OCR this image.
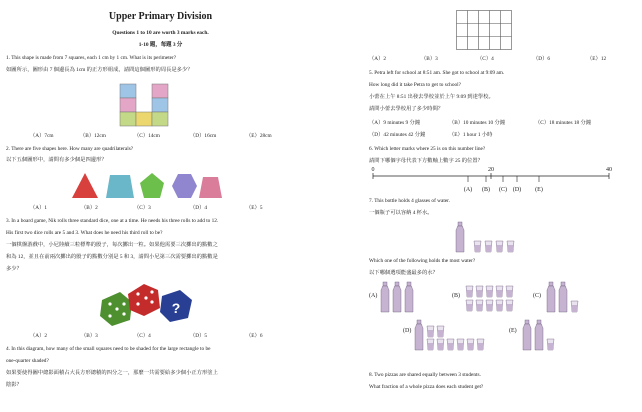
Upper Primary Division
Questions 1 to 10 are worth 3 marks each.
1-10 題，每題 3 分
1. This shape is made from 7 squares, each 1 cm by 1 cm. What is its perimeter?
如圖所示，圖形由 7 個邊長為 1cm 的正方形組成，請問這個圖形的周長是多少？
（A）7cm	（B）12cm	（C）14cm	（D）16cm	（E）28cm
2. There are five shapes here. How many are quadrilaterals?
以下五個圖形中，請問有多少個是四邊形？
（A）1	（B）2	（C）3	（D）4	（E）5
3. In a board game, Nik rolls three standard dice, one at a time. He needs his three rolls to add to 12.
His first two dice rolls are 5 and 3. What does he need his third roll to be?
一個棋盤游戲中，小尼陸續三粒標準的骰子，每次擲出一粒。如果他需要三次擲出的點數之
和為 12，並且在前兩次擲出的骰子的點數分別是 5 和 3，請問小尼第三次需要擲出的點數是
多少？
?
（A）2	（B）3	（C）4	（D）5	（E）6
4. In this diagram, how many of the small squares need to be shaded for the large rectangle to be
one-quarter shaded?
如果要使得圖中總影面積占大長方形總積的四分之一，那麼一共需要給多少個小正方形塗上
陰影？
（A）2	（B）3	（C）4	（D）6	（E）12
5. Petra left for school at 8:51 am. She got to school at 9:09 am.
How long did it take Petra to get to school?
小蕾在上午 8:51 出發去學校並於上午 9:09 到達學校。
請問小蕾去學校用了多少時間？
（A）9 minutes 9 分鐘	（B）10 minutes 10 分鐘	（C）18 minutes 18 分鐘
（D）42 minutes 42 分鐘	（E）1 hour 1 小時
6. Which letter marks where 25 is on this number line?
請問下哪個字母代表下方數軸上數字 25 的位置？
0	20	40
(A) (B) (C) (D) (E)
7. This bottle holds 4 glasses of water.
一個瓶子可以容納 4 杯水。
Which one of the following holds the most water?
以下哪個選項能盛最多的水？
(A)	(B)	(C)
(D)	(E)
8. Two pizzas are shared equally between 3 students.
What fraction of a whole pizza does each student get?
